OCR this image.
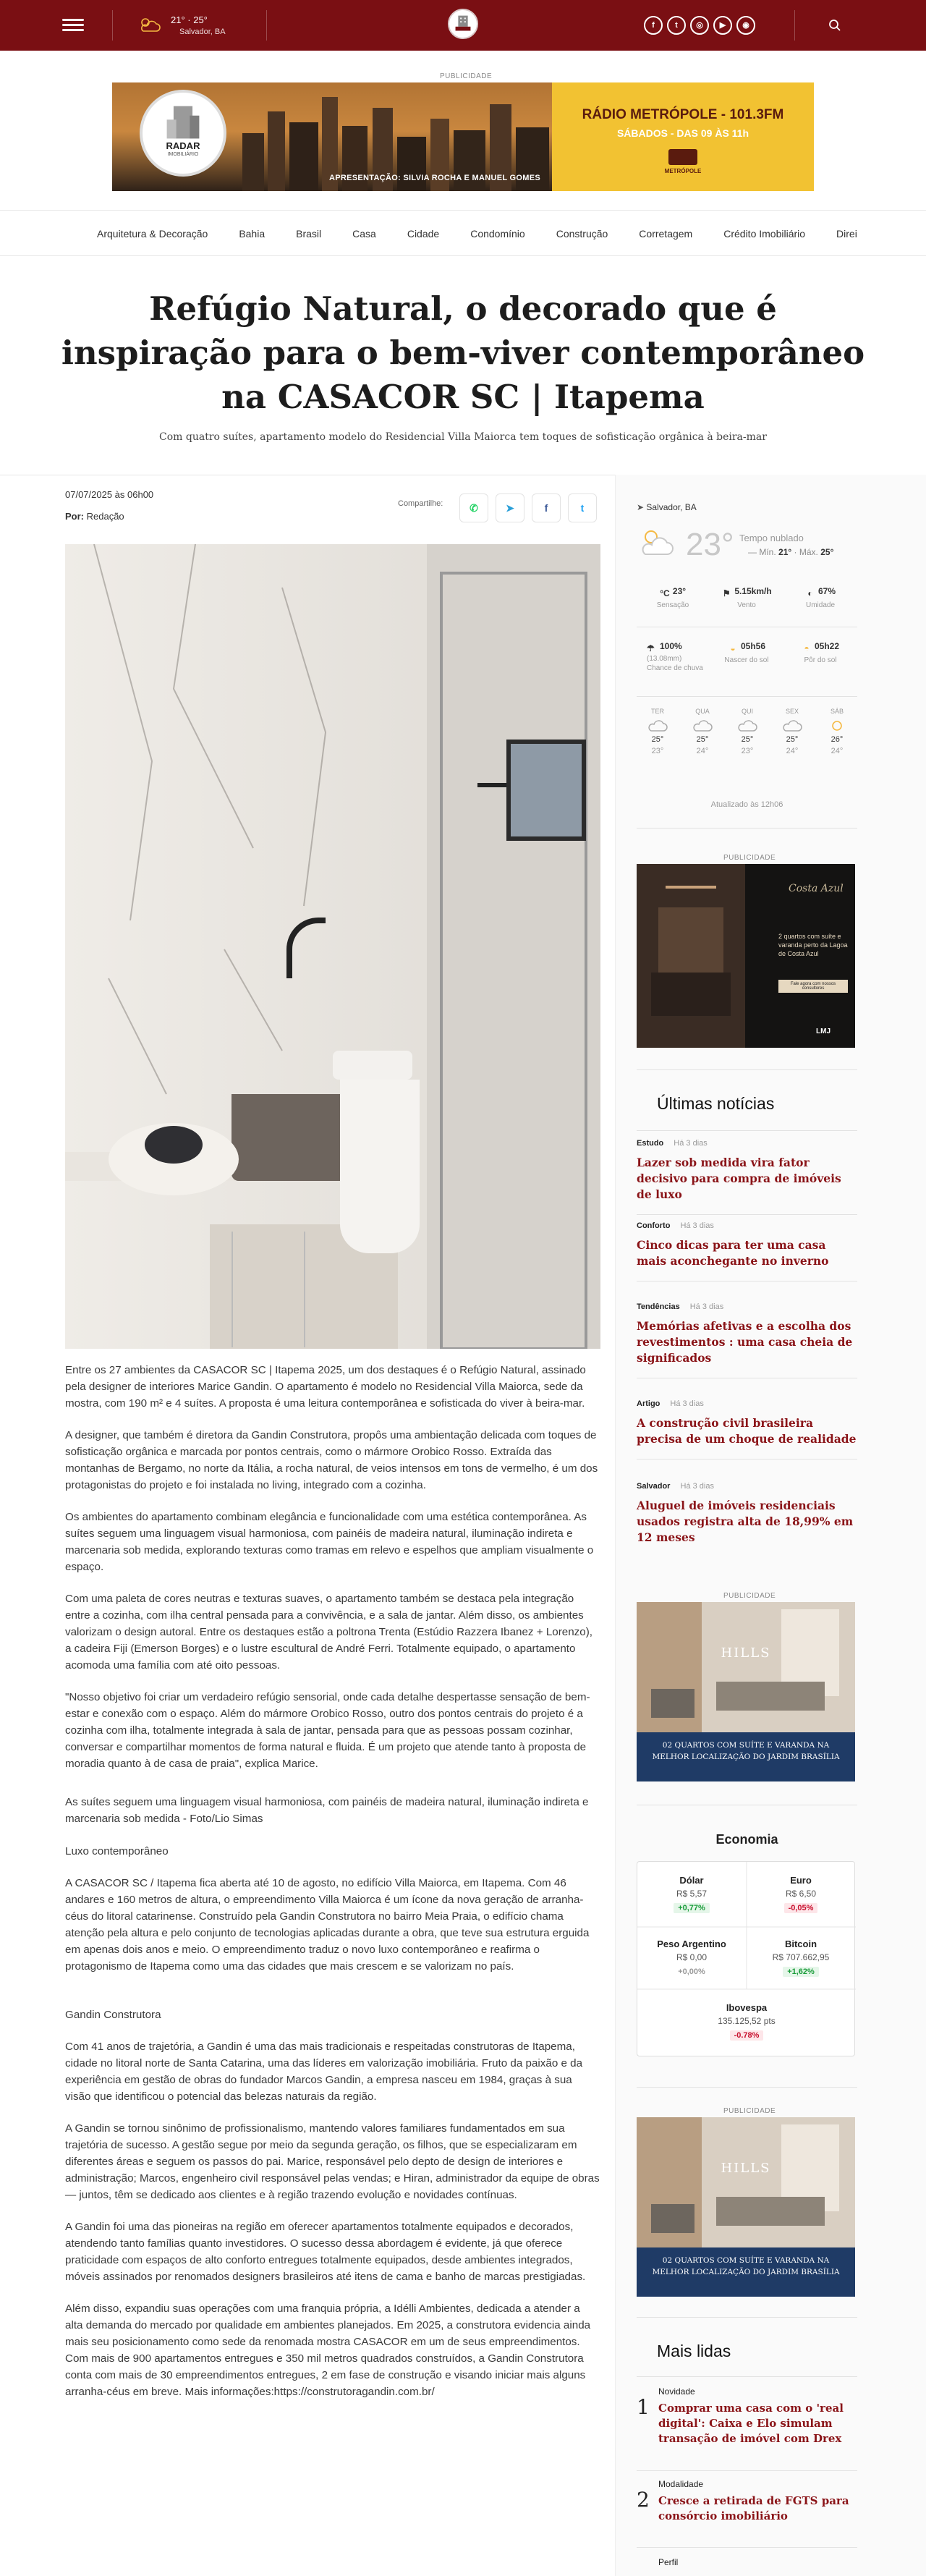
21° · 25°
Salvador, BA
f	t ◎ ▶ ◉
PUBLICIDADE
RADAR
IMOBILIÁRIO
APRESENTAÇÃO: SILVIA ROCHA E MANUEL GOMES
RÁDIO METRÓPOLE - 101.3FM
SÁBADOS - DAS 09 ÀS 11h
METRÓPOLE
Arquitetura & Decoração	Bahia	Brasil	Casa	Cidade	Condomínio	Construção	Corretagem	Crédito Imobiliário	Direi
Refúgio Natural, o decorado que é inspiração para o bem-viver contemporâneo na CASACOR SC | Itapema
Com quatro suítes, apartamento modelo do Residencial Villa Maiorca tem toques de sofisticação orgânica à beira-mar
07/07/2025 às 06h00
Por: Redação
Compartilhe:	✆	➤	f	t

Entre os 27 ambientes da CASACOR SC | Itapema 2025, um dos destaques é o Refúgio Natural, assinado pela designer de interiores Marice Gandin. O apartamento é modelo no Residencial Villa Maiorca, sede da mostra, com 190 m² e 4 suítes. A proposta é uma leitura contemporânea e sofisticada do viver à beira-mar.

A designer, que também é diretora da Gandin Construtora, propôs uma ambientação delicada com toques de sofisticação orgânica e marcada por pontos centrais, como o mármore Orobico Rosso. Extraída das montanhas de Bergamo, no norte da Itália, a rocha natural, de veios intensos em tons de vermelho, é um dos protagonistas do projeto e foi instalada no living, integrado com a cozinha.

Os ambientes do apartamento combinam elegância e funcionalidade com uma estética contemporânea. As suítes seguem uma linguagem visual harmoniosa, com painéis de madeira natural, iluminação indireta e marcenaria sob medida, explorando texturas como tramas em relevo e espelhos que ampliam visualmente o espaço.

Com uma paleta de cores neutras e texturas suaves, o apartamento também se destaca pela integração entre a cozinha, com ilha central pensada para a convivência, e a sala de jantar. Além disso, os ambientes valorizam o design autoral. Entre os destaques estão a poltrona Trenta (Estúdio Razzera Ibanez + Lorenzo), a cadeira Fiji (Emerson Borges) e o lustre escultural de André Ferri. Totalmente equipado, o apartamento acomoda uma família com até oito pessoas.

"Nosso objetivo foi criar um verdadeiro refúgio sensorial, onde cada detalhe despertasse sensação de bem-estar e conexão com o espaço. Além do mármore Orobico Rosso, outro dos pontos centrais do projeto é a cozinha com ilha, totalmente integrada à sala de jantar, pensada para que as pessoas possam cozinhar, conversar e compartilhar momentos de forma natural e fluida. É um projeto que atende tanto à proposta de moradia quanto à de casa de praia", explica Marice.

As suítes seguem uma linguagem visual harmoniosa, com painéis de madeira natural, iluminação indireta e marcenaria sob medida - Foto/Lio Simas

Luxo contemporâneo

A CASACOR SC / Itapema fica aberta até 10 de agosto, no edifício Villa Maiorca, em Itapema. Com 46 andares e 160 metros de altura, o empreendimento Villa Maiorca é um ícone da nova geração de arranha-céus do litoral catarinense. Construído pela Gandin Construtora no bairro Meia Praia, o edifício chama atenção pela altura e pelo conjunto de tecnologias aplicadas durante a obra, que teve sua estrutura erguida em apenas dois anos e meio. O empreendimento traduz o novo luxo contemporâneo e reafirma o protagonismo de Itapema como uma das cidades que mais crescem e se valorizam no país.

Gandin Construtora

Com 41 anos de trajetória, a Gandin é uma das mais tradicionais e respeitadas construtoras de Itapema, cidade no litoral norte de Santa Catarina, uma das líderes em valorização imobiliária. Fruto da paixão e da experiência em gestão de obras do fundador Marcos Gandin, a empresa nasceu em 1984, graças à sua visão que identificou o potencial das belezas naturais da região.

A Gandin se tornou sinônimo de profissionalismo, mantendo valores familiares fundamentados em sua trajetória de sucesso. A gestão segue por meio da segunda geração, os filhos, que se especializaram em diferentes áreas e seguem os passos do pai. Marice, responsável pelo depto de design de interiores e administração; Marcos, engenheiro civil responsável pelas vendas; e Hiran, administrador da equipe de obras — juntos, têm se dedicado aos clientes e à região trazendo evolução e novidades contínuas.

A Gandin foi uma das pioneiras na região em oferecer apartamentos totalmente equipados e decorados, atendendo tanto famílias quanto investidores. O sucesso dessa abordagem é evidente, já que oferece praticidade com espaços de alto conforto entregues totalmente equipados, desde ambientes integrados, móveis assinados por renomados designers brasileiros até itens de cama e banho de marcas prestigiadas.

Além disso, expandiu suas operações com uma franquia própria, a Idélli Ambientes, dedicada a atender a alta demanda do mercado por qualidade em ambientes planejados. Em 2025, a construtora evidencia ainda mais seu posicionamento como sede da renomada mostra CASACOR em um de seus empreendimentos. Com mais de 900 apartamentos entregues e 350 mil metros quadrados construídos, a Gandin Construtora conta com mais de 30 empreendimentos entregues, 2 em fase de construção e visando iniciar mais alguns arranha-céus em breve. Mais informações:https://construtoragandin.com.br/

➤ Salvador, BA
23° Tempo nublado
— Mín. 21° · Máx. 25°
°C 23°
Sensação
⚑ 5.15km/h
Vento
◐ 67%
Umidade
☂ 100%
(13.08mm)
Chance de chuva
◒ 05h56
Nascer do sol
◓ 05h22
Pôr do sol
TER
25°
23°
QUA
25°
24°
QUI
25°
23°
SEX
25°
24°
SÁB
26°
24°
Atualizado às 12h06
PUBLICIDADE
Costa Azul
2 quartos com suíte e varanda perto da Lagoa de Costa Azul
Fale agora com nossos consultores
LMJ
Últimas notícias
Estudo Há 3 dias
Lazer sob medida vira fator decisivo para compra de imóveis de luxo
Conforto Há 3 dias
Cinco dicas para ter uma casa mais aconchegante no inverno
Tendências Há 3 dias
Memórias afetivas e a escolha dos revestimentos : uma casa cheia de significados
Artigo Há 3 dias
A construção civil brasileira precisa de um choque de realidade
Salvador Há 3 dias
Aluguel de imóveis residenciais usados registra alta de 18,99% em 12 meses
PUBLICIDADE
HILLS
02 QUARTOS COM SUÍTE E VARANDA NA MELHOR LOCALIZAÇÃO DO JARDIM BRASÍLIA
Economia
Dólar
R$ 5,57
+0,77%
Euro
R$ 6,50
-0,05%
Peso Argentino
R$ 0,00
+0,00%
Bitcoin
R$ 707.662,95
+1,62%
Ibovespa
135.125,52 pts
-0.78%
PUBLICIDADE
HILLS
02 QUARTOS COM SUÍTE E VARANDA NA MELHOR LOCALIZAÇÃO DO JARDIM BRASÍLIA
Mais lidas
1
Novidade
Comprar uma casa com o 'real digital': Caixa e Elo simulam transação de imóvel com Drex
2
Modalidade
Cresce a retirada de FGTS para consórcio imobiliário
Perfil
